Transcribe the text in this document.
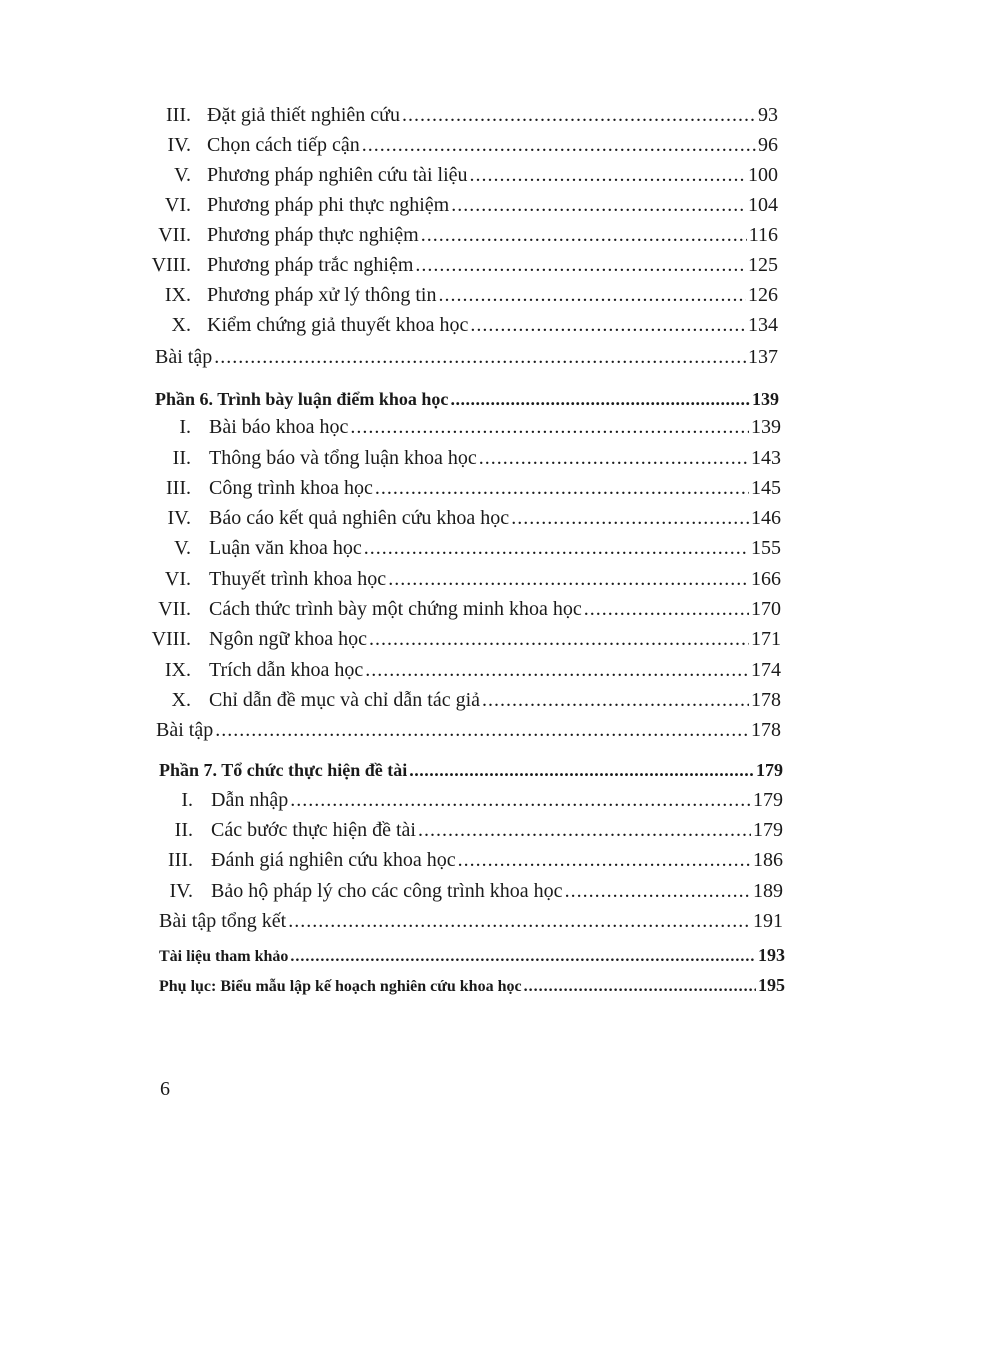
III. Đặt giả thiết nghiên cứu .....	93
IV. Chọn cách tiếp cận .....	96
V. Phương pháp nghiên cứu tài liệu .....	100
VI. Phương pháp phi thực nghiệm .....	104
VII. Phương pháp thực nghiệm .....	116
VIII. Phương pháp trắc nghiệm .....	125
IX. Phương pháp xử lý thông tin .....	126
X. Kiểm chứng giả thuyết khoa học .....	134
Bài tập .....	137
Phần 6. Trình bày luận điểm khoa học .....	139
I. Bài báo khoa học .....	139
II. Thông báo và tổng luận khoa học .....	143
III. Công trình khoa học .....	145
IV. Báo cáo kết quả nghiên cứu khoa học .....	146
V. Luận văn khoa học .....	155
VI. Thuyết trình khoa học .....	166
VII. Cách thức trình bày một chứng minh khoa học .....	170
VIII. Ngôn ngữ khoa học .....	171
IX. Trích dẫn khoa học .....	174
X. Chỉ dẫn đề mục và chỉ dẫn tác giả .....	178
Bài tập .....	178
Phần 7. Tổ chức thực hiện đề tài .....	179
I. Dẫn nhập .....	179
II. Các bước thực hiện đề tài .....	179
III. Đánh giá nghiên cứu khoa học .....	186
IV. Bảo hộ pháp lý cho các công trình khoa học .....	189
Bài tập tổng kết .....	191
Tài liệu tham khảo .....	193
Phụ lục: Biểu mẫu lập kế hoạch nghiên cứu khoa học .....	195
6
